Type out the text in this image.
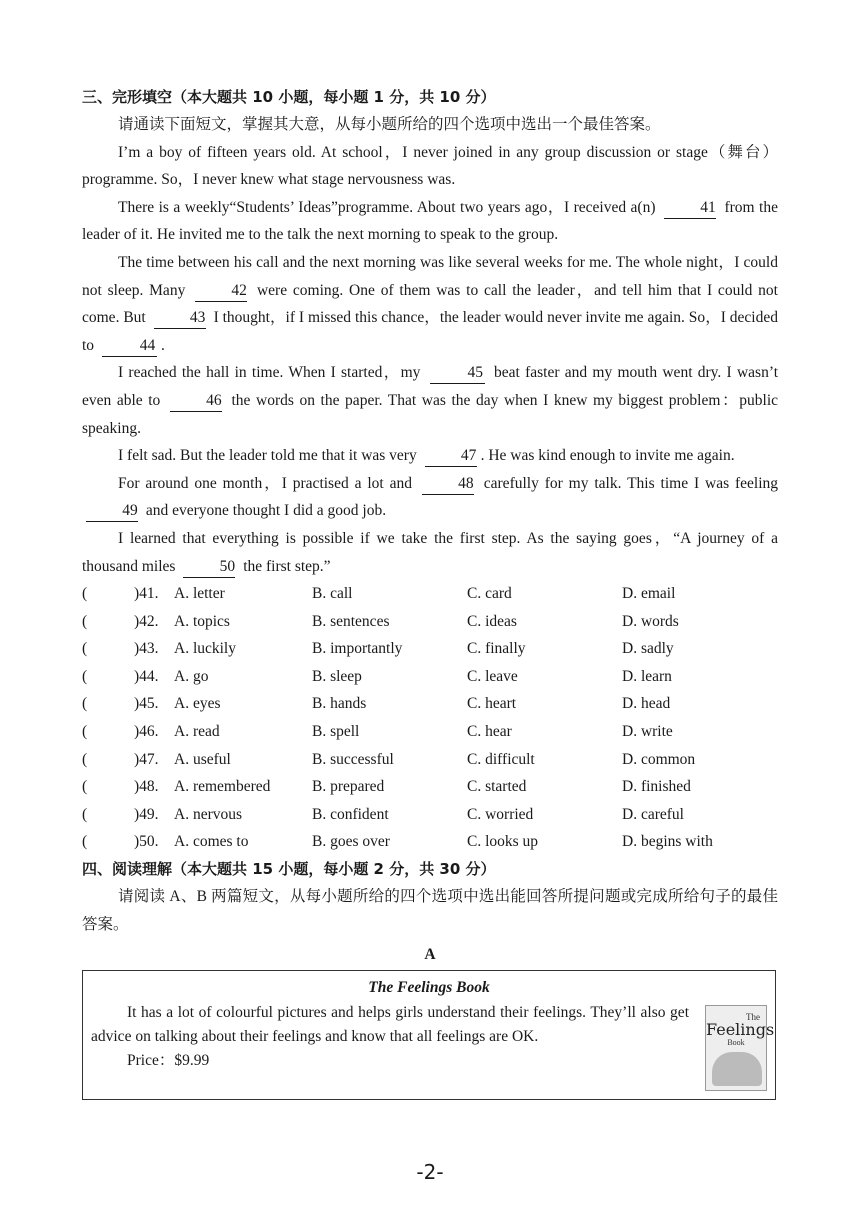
三、完形填空（本大题共 10 小题，每小题 1 分，共 10 分）

请通读下面短文，掌握其大意，从每小题所给的四个选项中选出一个最佳答案。

I’m a boy of fifteen years old. At school，I never joined in any group discussion or stage（舞台）programme. So，I never knew what stage nervousness was.

There is a weekly“Students’ Ideas”programme. About two years ago，I received a(n)	41 from the leader of it. He invited me to the talk the next morning to speak to the group.

The time between his call and the next morning was like several weeks for me. The whole night，I could not sleep. Many	42 were coming. One of them was to call the leader，and tell him that I could not come. But	43 I thought，if I missed this chance，the leader would never invite me again. So，I decided to	44 .

I reached the hall in time. When I started，my	45 beat faster and my mouth went dry. I wasn’t even able to	46 the words on the paper. That was the day when I knew my biggest problem：public speaking.

I felt sad. But the leader told me that it was very	47 . He was kind enough to invite me again.

For around one month，I practised a lot and	48 carefully for my talk. This time I was feeling 49 and everyone thought I did a good job.

I learned that everything is possible if we take the first step. As the saying goes，“A journey of a thousand miles	50 the first step.”

(	)41. A. letter	B. call	C. card	D. email
(	)42. A. topics	B. sentences	C. ideas	D. words
(	)43. A. luckily	B. importantly	C. finally	D. sadly
(	)44. A. go	B. sleep	C. leave	D. learn
(	)45. A. eyes	B. hands	C. heart	D. head
(	)46. A. read	B. spell	C. hear	D. write
(	)47. A. useful	B. successful	C. difficult	D. common
(	)48. A. remembered	B. prepared	C. started	D. finished
(	)49. A. nervous	B. confident	C. worried	D. careful
(	)50. A. comes to	B. goes over	C. looks up	D. begins with

四、阅读理解（本大题共 15 小题，每小题 2 分，共 30 分）

请阅读 A、B 两篇短文，从每小题所给的四个选项中选出能回答所提问题或完成所给句子的最佳答案。

A

The Feelings Book
It has a lot of colourful pictures and helps girls understand their feelings. They’ll also get advice on talking about their feelings and know that all feelings are OK.
Price：$9.99
The
Feelings
Book
-2-
